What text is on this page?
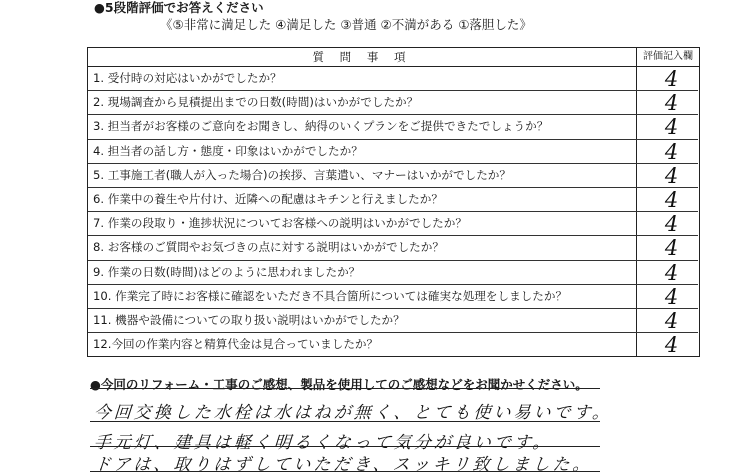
●5段階評価でお答えください
《⑤非常に満足した ④満足した ③普通 ②不満がある ①落胆した》
質 問 事 項	評価記入欄
1. 受付時の対応はいかがでしたか？	4
2. 現場調査から見積提出までの日数(時間)はいかがでしたか？	4
3. 担当者がお客様のご意向をお聞きし、納得のいくプランをご提供できたでしょうか？	4
4. 担当者の話し方・態度・印象はいかがでしたか？	4
5. 工事施工者(職人が入った場合)の挨拶、言葉遣い、マナーはいかがでしたか？	4
6. 作業中の養生や片付け、近隣への配慮はキチンと行えましたか？	4
7. 作業の段取り・進捗状況についてお客様への説明はいかがでしたか？	4
8. お客様のご質問やお気づきの点に対する説明はいかがでしたか？	4
9. 作業の日数(時間)はどのように思われましたか？	4
10. 作業完了時にお客様に確認をいただき不具合箇所については確実な処理をしましたか？	4
11. 機器や設備についての取り扱い説明はいかがでしたか？	4
12.今回の作業内容と精算代金は見合っていましたか？	4
●今回のリフォーム・工事のご感想、製品を使用してのご感想などをお聞かせください。
今回交換した水栓は水はねが無く、とても使い易いです。
手元灯、建具は軽く明るくなって気分が良いです。
ドアは、取りはずしていただき、スッキリ致しました。
